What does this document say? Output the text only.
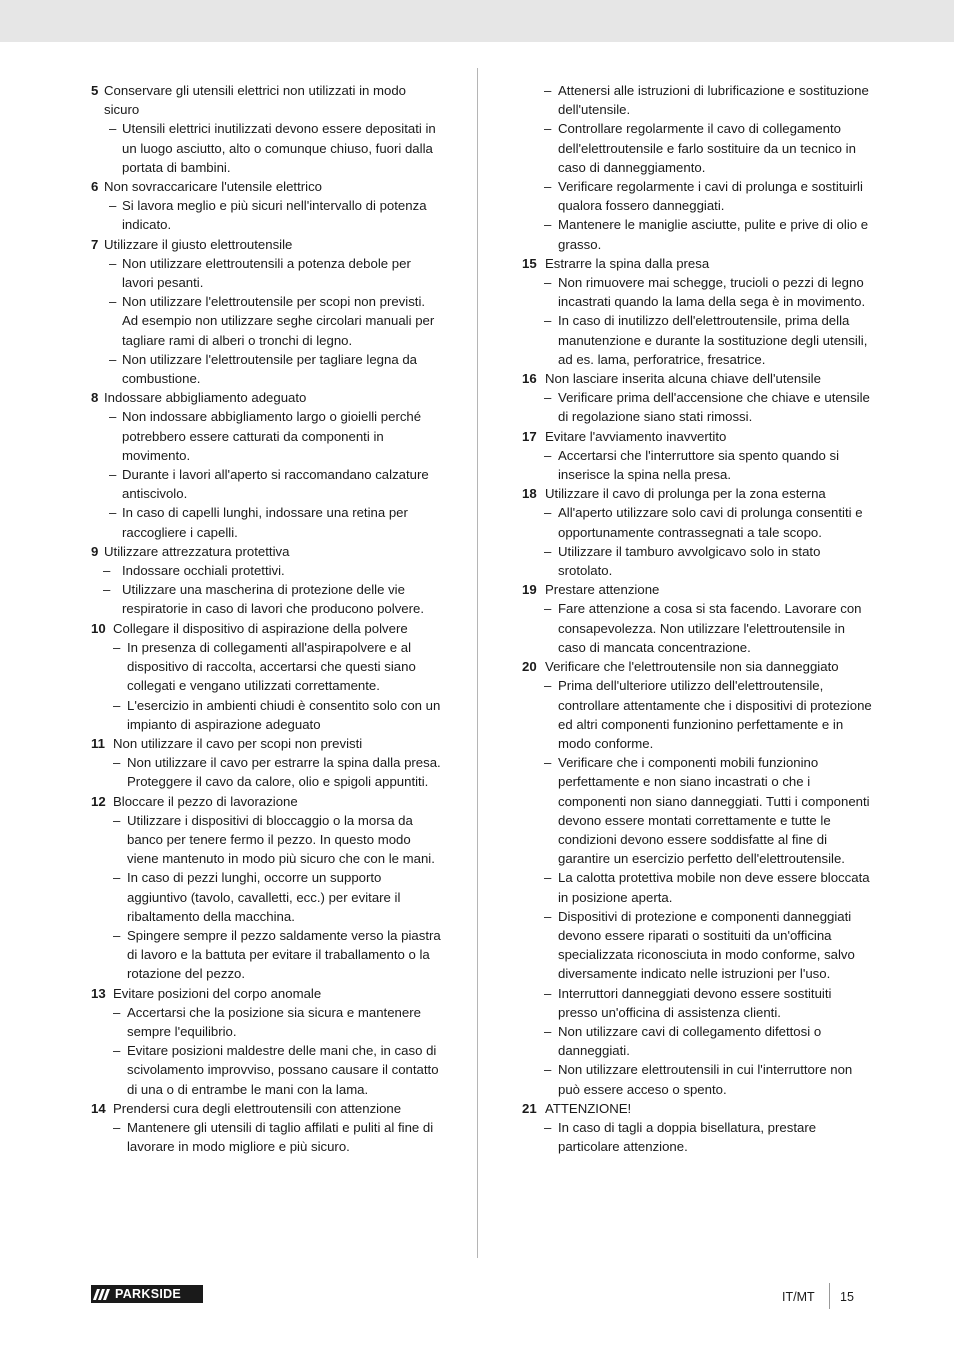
5 Conservare gli utensili elettrici non utilizzati in modo sicuro
– Utensili elettrici inutilizzati devono essere depositati in un luogo asciutto, alto o comunque chiuso, fuori dalla portata di bambini.
6 Non sovraccaricare l'utensile elettrico
– Si lavora meglio e più sicuri nell'intervallo di potenza indicato.
7 Utilizzare il giusto elettroutensile
– Non utilizzare elettroutensili a potenza debole per lavori pesanti.
– Non utilizzare l'elettroutensile per scopi non previsti. Ad esempio non utilizzare seghe circolari manuali per tagliare rami di alberi o tronchi di legno.
– Non utilizzare l'elettroutensile per tagliare legna da combustione.
8 Indossare abbigliamento adeguato
– Non indossare abbigliamento largo o gioielli perché potrebbero essere catturati da componenti in movimento.
– Durante i lavori all'aperto si raccomandano calzature antiscivolo.
– In caso di capelli lunghi, indossare una retina per raccogliere i capelli.
9 Utilizzare attrezzatura protettiva
– Indossare occhiali protettivi.
– Utilizzare una mascherina di protezione delle vie respiratorie in caso di lavori che producono polvere.
10 Collegare il dispositivo di aspirazione della polvere
– In presenza di collegamenti all'aspirapolvere e al dispositivo di raccolta, accertarsi che questi siano collegati e vengano utilizzati correttamente.
– L'esercizio in ambienti chiudi è consentito solo con un impianto di aspirazione adeguato
11 Non utilizzare il cavo per scopi non previsti
– Non utilizzare il cavo per estrarre la spina dalla presa. Proteggere il cavo da calore, olio e spigoli appuntiti.
12 Bloccare il pezzo di lavorazione
– Utilizzare i dispositivi di bloccaggio o la morsa da banco per tenere fermo il pezzo. In questo modo viene mantenuto in modo più sicuro che con le mani.
– In caso di pezzi lunghi, occorre un supporto aggiuntivo (tavolo, cavalletti, ecc.) per evitare il ribaltamento della macchina.
– Spingere sempre il pezzo saldamente verso la piastra di lavoro e la battuta per evitare il traballamento o la rotazione del pezzo.
13 Evitare posizioni del corpo anomale
– Accertarsi che la posizione sia sicura e mantenere sempre l'equilibrio.
– Evitare posizioni maldestre delle mani che, in caso di scivolamento improvviso, possano causare il contatto di una o di entrambe le mani con la lama.
14 Prendersi cura degli elettroutensili con attenzione
– Mantenere gli utensili di taglio affilati e puliti al fine di lavorare in modo migliore e più sicuro.
– Attenersi alle istruzioni di lubrificazione e sostituzione dell'utensile.
– Controllare regolarmente il cavo di collegamento dell'elettroutensile e farlo sostituire da un tecnico in caso di danneggiamento.
– Verificare regolarmente i cavi di prolunga e sostituirli qualora fossero danneggiati.
– Mantenere le maniglie asciutte, pulite e prive di olio e grasso.
15 Estrarre la spina dalla presa
– Non rimuovere mai schegge, trucioli o pezzi di legno incastrati quando la lama della sega è in movimento.
– In caso di inutilizzo dell'elettroutensile, prima della manutenzione e durante la sostituzione degli utensili, ad es. lama, perforatrice, fresatrice.
16 Non lasciare inserita alcuna chiave dell'utensile
– Verificare prima dell'accensione che chiave e utensile di regolazione siano stati rimossi.
17 Evitare l'avviamento inavvertito
– Accertarsi che l'interruttore sia spento quando si inserisce la spina nella presa.
18 Utilizzare il cavo di prolunga per la zona esterna
– All'aperto utilizzare solo cavi di prolunga consentiti e opportunamente contrassegnati a tale scopo.
– Utilizzare il tamburo avvolgicavo solo in stato srotolato.
19 Prestare attenzione
– Fare attenzione a cosa si sta facendo. Lavorare con consapevolezza. Non utilizzare l'elettroutensile in caso di mancata concentrazione.
20 Verificare che l'elettroutensile non sia danneggiato
– Prima dell'ulteriore utilizzo dell'elettroutensile, controllare attentamente che i dispositivi di protezione ed altri componenti funzionino perfettamente e in modo conforme.
– Verificare che i componenti mobili funzionino perfettamente e non siano incastrati o che i componenti non siano danneggiati. Tutti i componenti devono essere montati correttamente e tutte le condizioni devono essere soddisfatte al fine di garantire un esercizio perfetto dell'elettroutensile.
– La calotta protettiva mobile non deve essere bloccata in posizione aperta.
– Dispositivi di protezione e componenti danneggiati devono essere riparati o sostituiti da un'officina specializzata riconosciuta in modo conforme, salvo diversamente indicato nelle istruzioni per l'uso.
– Interruttori danneggiati devono essere sostituiti presso un'officina di assistenza clienti.
– Non utilizzare cavi di collegamento difettosi o danneggiati.
– Non utilizzare elettroutensili in cui l'interruttore non può essere acceso o spento.
21 ATTENZIONE!
– In caso di tagli a doppia bisellatura, prestare particolare attenzione.
PARKSIDE	IT/MT 15
